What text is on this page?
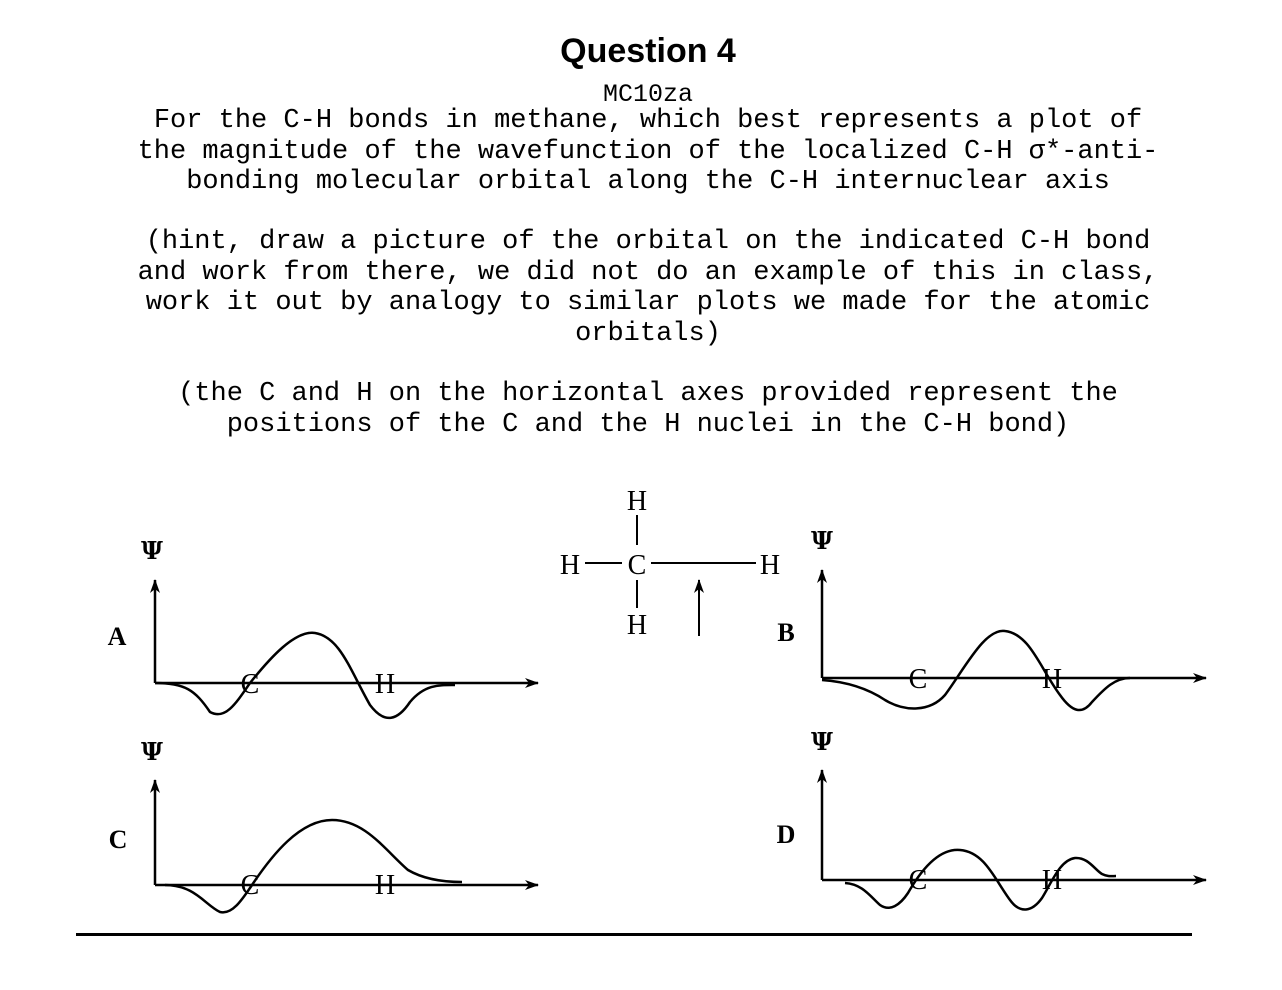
Question 4
MC10za
For the C-H bonds in methane, which best represents a plot of
the magnitude of the wavefunction of the localized C-H σ*-anti-
bonding molecular orbital along the C-H internuclear axis
(hint, draw a picture of the orbital on the indicated C-H bond
and work from there, we did not do an example of this in class,
work it out by analogy to similar plots we made for the atomic
orbitals)
(the C and H on the horizontal axes provided represent the
positions of the C and the H nuclei in the C-H bond)
H
H C	H
H
A
Ψ
C	H
B
Ψ
C	H
C
Ψ
C	H
D
Ψ
C	H
